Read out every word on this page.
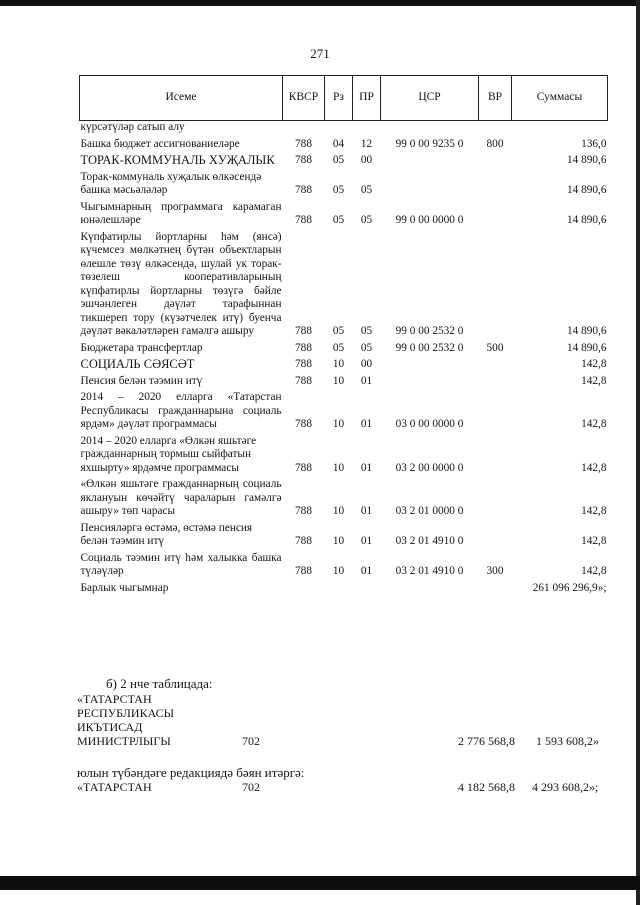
271
Исеме	КВСР	Рз	ПР	ЦСР	ВР	Суммасы
күрсәтүләр сатып алу						
Башка бюджет ассигнованиеләре	788	04	12	99 0 00 9235 0	800	136,0
ТОРАК-КОММУНАЛЬ ХУҖАЛЫК	788	05	00			14 890,6
Торак-коммуналь хуҗалык өлкәсендә башка мәсьәләләр	788	05	05			14 890,6
Чыгымнарның программага карамаган юнәлешләре	788	05	05	99 0 00 0000 0		14 890,6
Күпфатирлы йортларны һәм (янсә) күчемсез мөлкәтнең бүтән объектларын өлешле төзү өлкәсендә, шулай ук торак-төзелеш кооперативларының күпфатирлы йортларны төзүгә бәйле эшчәнлеген дәүләт тарафыннан тикшереп тору (күзәтчелек итү) буенча дәүләт вәкаләтләрен гамәлгә ашыру	788	05	05	99 0 00 2532 0		14 890,6
Бюджетара трансфертлар	788	05	05	99 0 00 2532 0	500	14 890,6
СОЦИАЛЬ СӘЯСӘТ	788	10	00			142,8
Пенсия белән тәэмин итү	788	10	01			142,8
2014 – 2020 елларга «Татарстан Республикасы гражданнарына социаль ярдәм» дәүләт программасы	788	10	01	03 0 00 0000 0		142,8
2014 – 2020 елларга «Өлкән яшьтәге гражданнарның тормыш сыйфатын яхшырту» ярдәмче программасы	788	10	01	03 2 00 0000 0		142,8
«Өлкән яшьтәге гражданнарның социаль яклануын көчәйтү чараларын гамәлгә ашыру» төп чарасы	788	10	01	03 2 01 0000 0		142,8
Пенсияләргә өстәмә, өстәмә пенсия белән тәэмин итү	788	10	01	03 2 01 4910 0		142,8
Социаль тәэмин итү һәм халыкка башка түләүләр	788	10	01	03 2 01 4910 0	300	142,8
Барлык чыгымнар						261 096 296,9»;
б) 2 нче таблицада:
«ТАТАРСТАН
РЕСПУБЛИКАСЫ
ИКЪТИСАД
МИНИСТРЛЫГЫ	702	2 776 568,8 1 593 608,2»
юлын түбәндәге редакциядә бәян итәргә:
«ТАТАРСТАН	702	4 182 568,8 4 293 608,2»;
